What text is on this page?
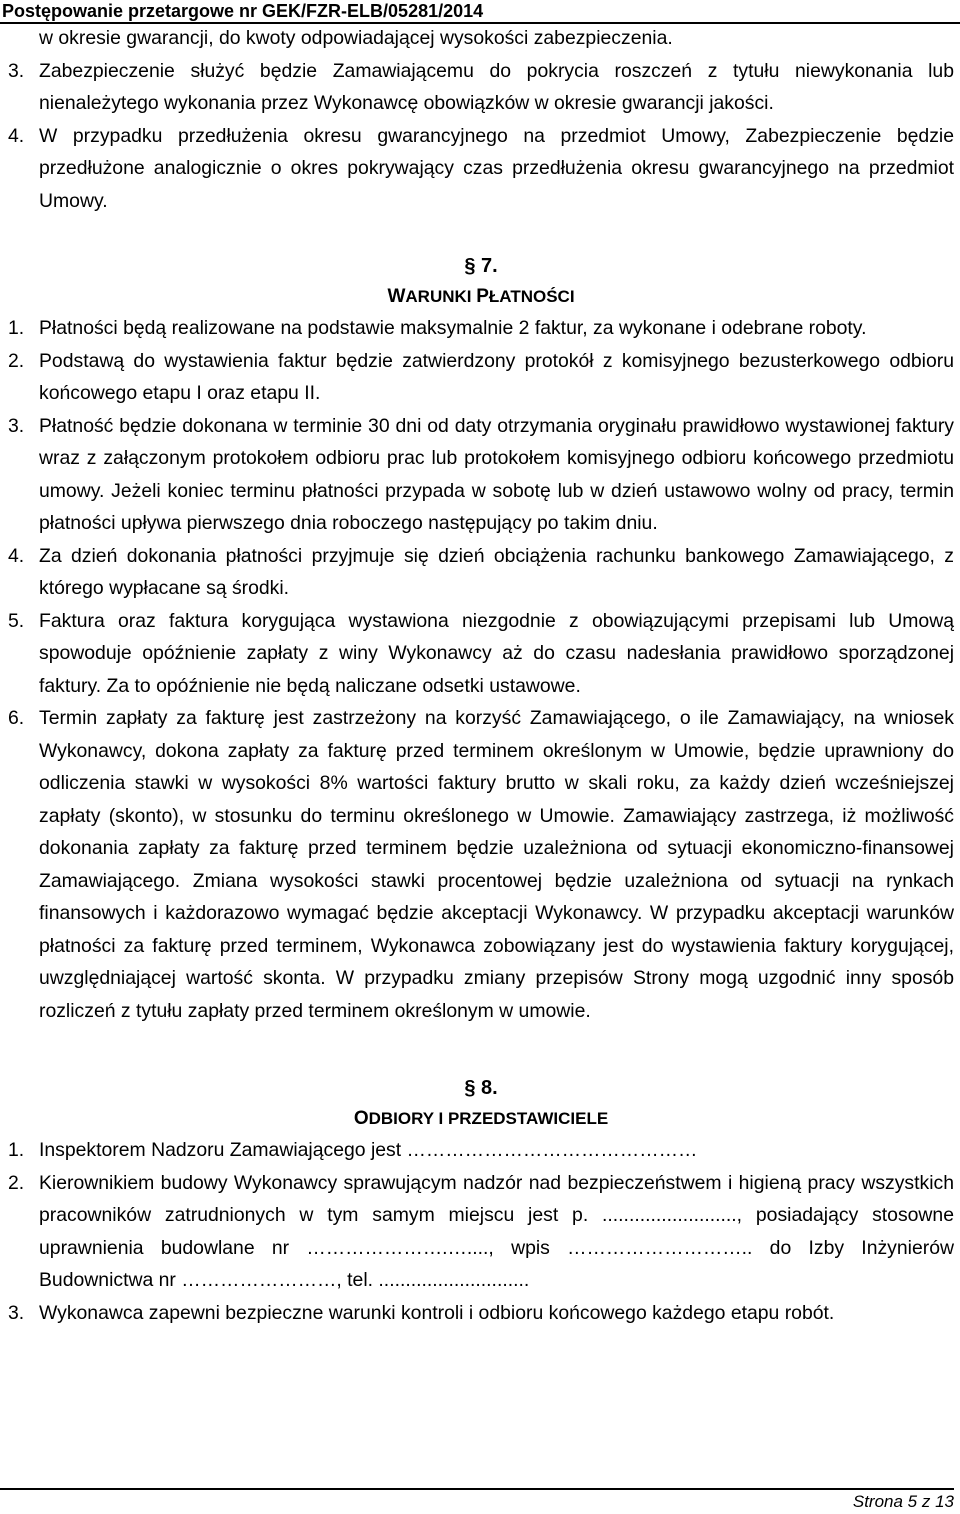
Postępowanie przetargowe nr GEK/FZR-ELB/05281/2014
w okresie gwarancji, do kwoty odpowiadającej wysokości zabezpieczenia.
3. Zabezpieczenie służyć będzie Zamawiającemu do pokrycia roszczeń z tytułu niewykonania lub nienależytego wykonania przez Wykonawcę obowiązków w okresie gwarancji jakości.
4. W przypadku przedłużenia okresu gwarancyjnego na przedmiot Umowy, Zabezpieczenie będzie przedłużone analogicznie o okres pokrywający czas przedłużenia okresu gwarancyjnego na przedmiot Umowy.
§ 7.
WARUNKI PŁATNOŚCI
1. Płatności będą realizowane na podstawie maksymalnie 2 faktur, za wykonane i odebrane roboty.
2. Podstawą do wystawienia faktur będzie zatwierdzony protokół z komisyjnego bezusterkowego odbioru końcowego etapu I oraz etapu II.
3. Płatność będzie dokonana w terminie 30 dni od daty otrzymania oryginału prawidłowo wystawionej faktury wraz z załączonym protokołem odbioru prac lub protokołem komisyjnego odbioru końcowego przedmiotu umowy. Jeżeli koniec terminu płatności przypada w sobotę lub w dzień ustawowo wolny od pracy, termin płatności upływa pierwszego dnia roboczego następujący po takim dniu.
4. Za dzień dokonania płatności przyjmuje się dzień obciążenia rachunku bankowego Zamawiającego, z którego wypłacane są środki.
5. Faktura oraz faktura korygująca wystawiona niezgodnie z obowiązującymi przepisami lub Umową spowoduje opóźnienie zapłaty z winy Wykonawcy aż do czasu nadesłania prawidłowo sporządzonej faktury. Za to opóźnienie nie będą naliczane odsetki ustawowe.
6. Termin zapłaty za fakturę jest zastrzeżony na korzyść Zamawiającego, o ile Zamawiający, na wniosek Wykonawcy, dokona zapłaty za fakturę przed terminem określonym w Umowie, będzie uprawniony do odliczenia stawki w wysokości 8% wartości faktury brutto w skali roku, za każdy dzień wcześniejszej zapłaty (skonto), w stosunku do terminu określonego w Umowie. Zamawiający zastrzega, iż możliwość dokonania zapłaty za fakturę przed terminem będzie uzależniona od sytuacji ekonomiczno-finansowej Zamawiającego. Zmiana wysokości stawki procentowej będzie uzależniona od sytuacji na rynkach finansowych i każdorazowo wymagać będzie akceptacji Wykonawcy. W przypadku akceptacji warunków płatności za fakturę przed terminem, Wykonawca zobowiązany jest do wystawienia faktury korygującej, uwzględniającej wartość skonta. W przypadku zmiany przepisów Strony mogą uzgodnić inny sposób rozliczeń z tytułu zapłaty przed terminem określonym w umowie.
§ 8.
ODBIORY I PRZEDSTAWICIELE
1. Inspektorem Nadzoru Zamawiającego jest ………………………………………
2. Kierownikiem budowy Wykonawcy sprawującym nadzór nad bezpieczeństwem i higieną pracy wszystkich pracowników zatrudnionych w tym samym miejscu jest p. ........................., posiadający stosowne uprawnienia budowlane nr ………………….…...., wpis ……………………….. do Izby Inżynierów Budownictwa nr ……………………, tel. ............................
3. Wykonawca zapewni bezpieczne warunki kontroli i odbioru końcowego każdego etapu robót.
Strona 5 z 13
